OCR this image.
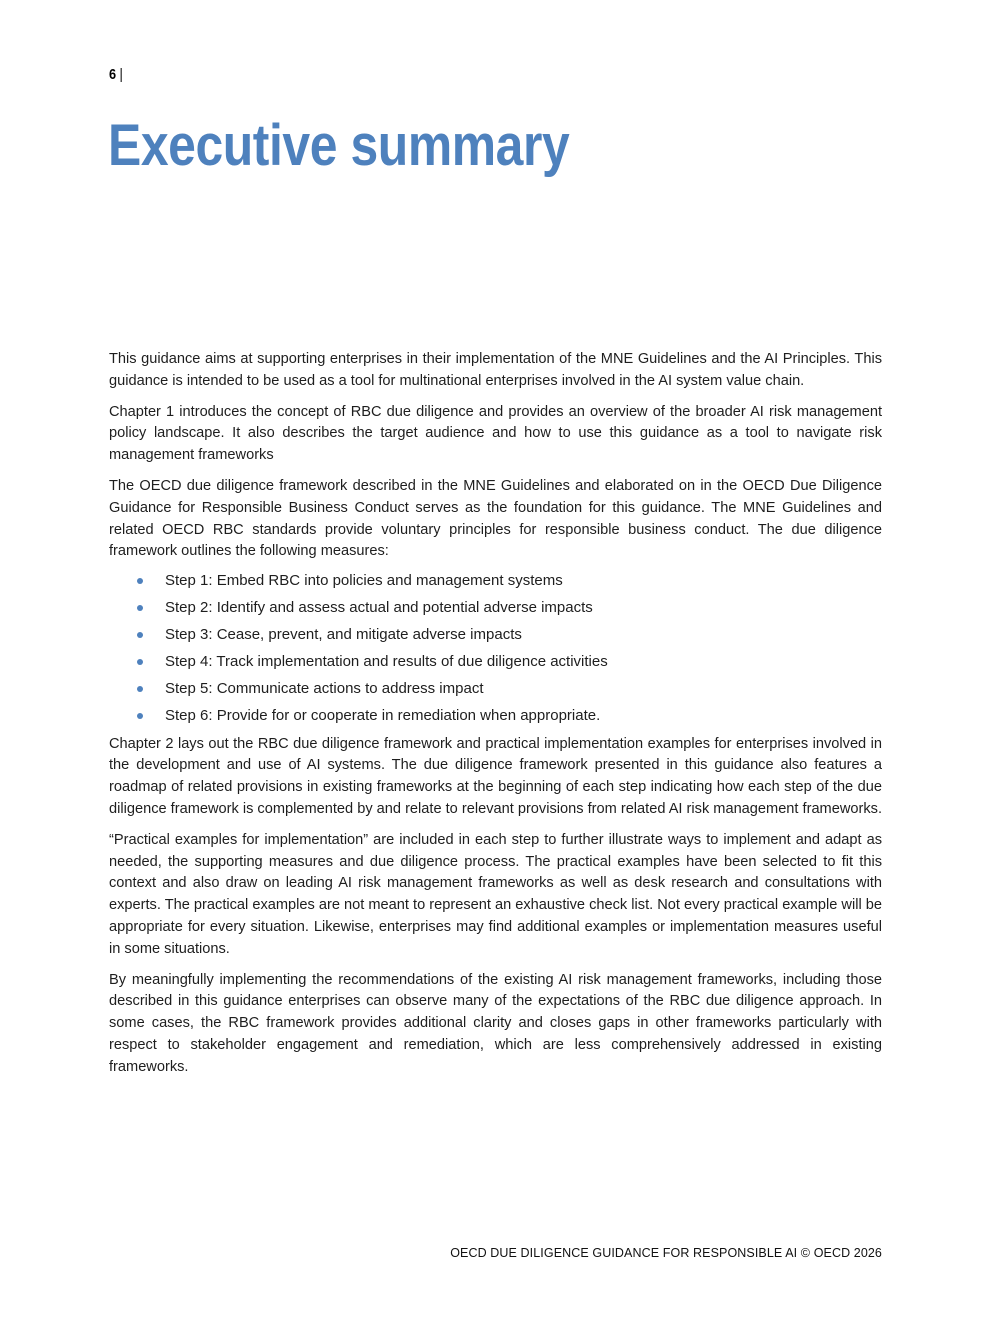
6 |
Executive summary

This guidance aims at supporting enterprises in their implementation of the MNE Guidelines and the AI Principles. This guidance is intended to be used as a tool for multinational enterprises involved in the AI system value chain.

Chapter 1 introduces the concept of RBC due diligence and provides an overview of the broader AI risk management policy landscape. It also describes the target audience and how to use this guidance as a tool to navigate risk management frameworks

The OECD due diligence framework described in the MNE Guidelines and elaborated on in the OECD Due Diligence Guidance for Responsible Business Conduct serves as the foundation for this guidance. The MNE Guidelines and related OECD RBC standards provide voluntary principles for responsible business conduct. The due diligence framework outlines the following measures:

Step 1: Embed RBC into policies and management systems
Step 2: Identify and assess actual and potential adverse impacts
Step 3: Cease, prevent, and mitigate adverse impacts
Step 4: Track implementation and results of due diligence activities
Step 5: Communicate actions to address impact
Step 6: Provide for or cooperate in remediation when appropriate.

Chapter 2 lays out the RBC due diligence framework and practical implementation examples for enterprises involved in the development and use of AI systems. The due diligence framework presented in this guidance also features a roadmap of related provisions in existing frameworks at the beginning of each step indicating how each step of the due diligence framework is complemented by and relate to relevant provisions from related AI risk management frameworks.

“Practical examples for implementation” are included in each step to further illustrate ways to implement and adapt as needed, the supporting measures and due diligence process. The practical examples have been selected to fit this context and also draw on leading AI risk management frameworks as well as desk research and consultations with experts. The practical examples are not meant to represent an exhaustive check list. Not every practical example will be appropriate for every situation. Likewise, enterprises may find additional examples or implementation measures useful in some situations.

By meaningfully implementing the recommendations of the existing AI risk management frameworks, including those described in this guidance enterprises can observe many of the expectations of the RBC due diligence approach. In some cases, the RBC framework provides additional clarity and closes gaps in other frameworks particularly with respect to stakeholder engagement and remediation, which are less comprehensively addressed in existing frameworks.

OECD DUE DILIGENCE GUIDANCE FOR RESPONSIBLE AI © OECD 2026
